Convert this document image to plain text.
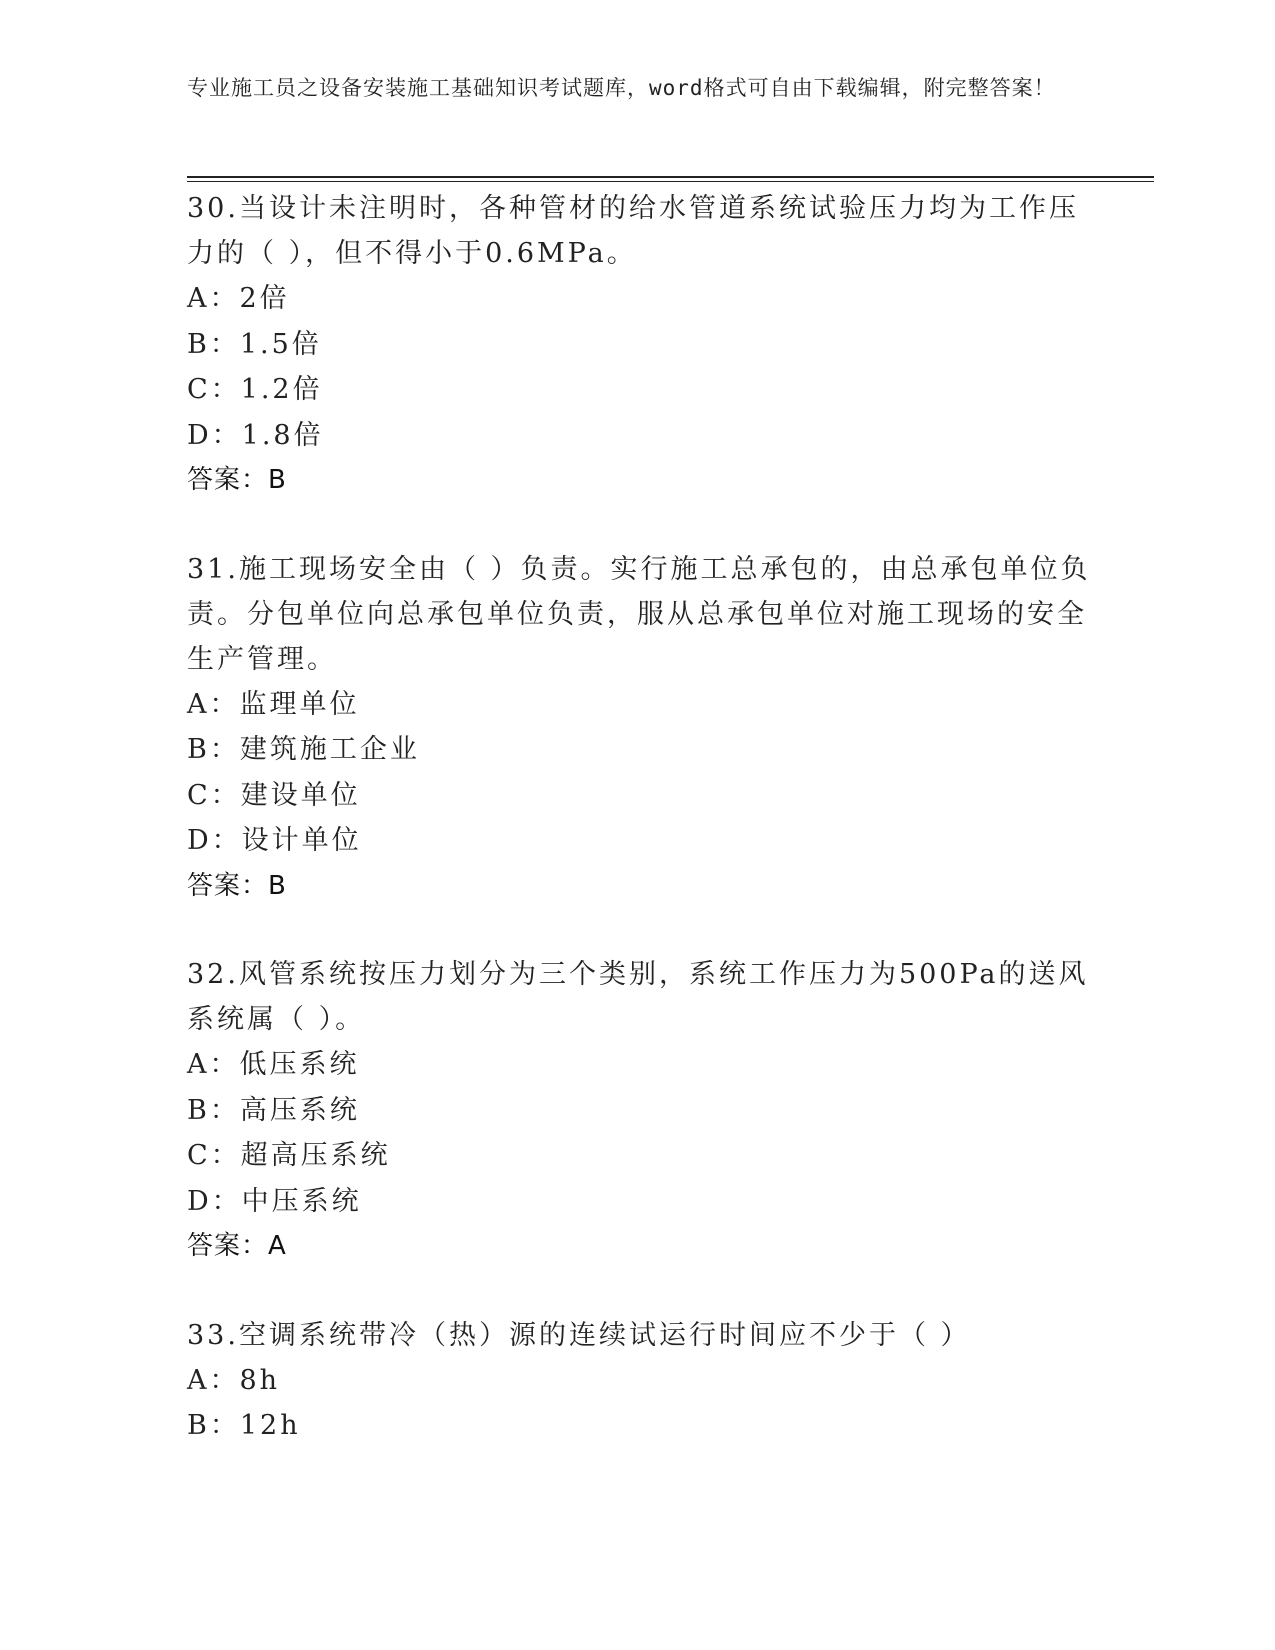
专业施工员之设备安装施工基础知识考试题库，word格式可自由下载编辑，附完整答案！
30.当设计未注明时，各种管材的给水管道系统试验压力均为工作压力的（ ），但不得小于0.6MPa。
A：2倍
B：1.5倍
C：1.2倍
D：1.8倍
答案：B
31.施工现场安全由（ ）负责。实行施工总承包的，由总承包单位负责。分包单位向总承包单位负责，服从总承包单位对施工现场的安全生产管理。
A：监理单位
B：建筑施工企业
C：建设单位
D：设计单位
答案：B
32.风管系统按压力划分为三个类别，系统工作压力为500Pa的送风系统属（ ）。
A：低压系统
B：高压系统
C：超高压系统
D：中压系统
答案：A
33.空调系统带冷（热）源的连续试运行时间应不少于（ ）
A：8h
B：12h
